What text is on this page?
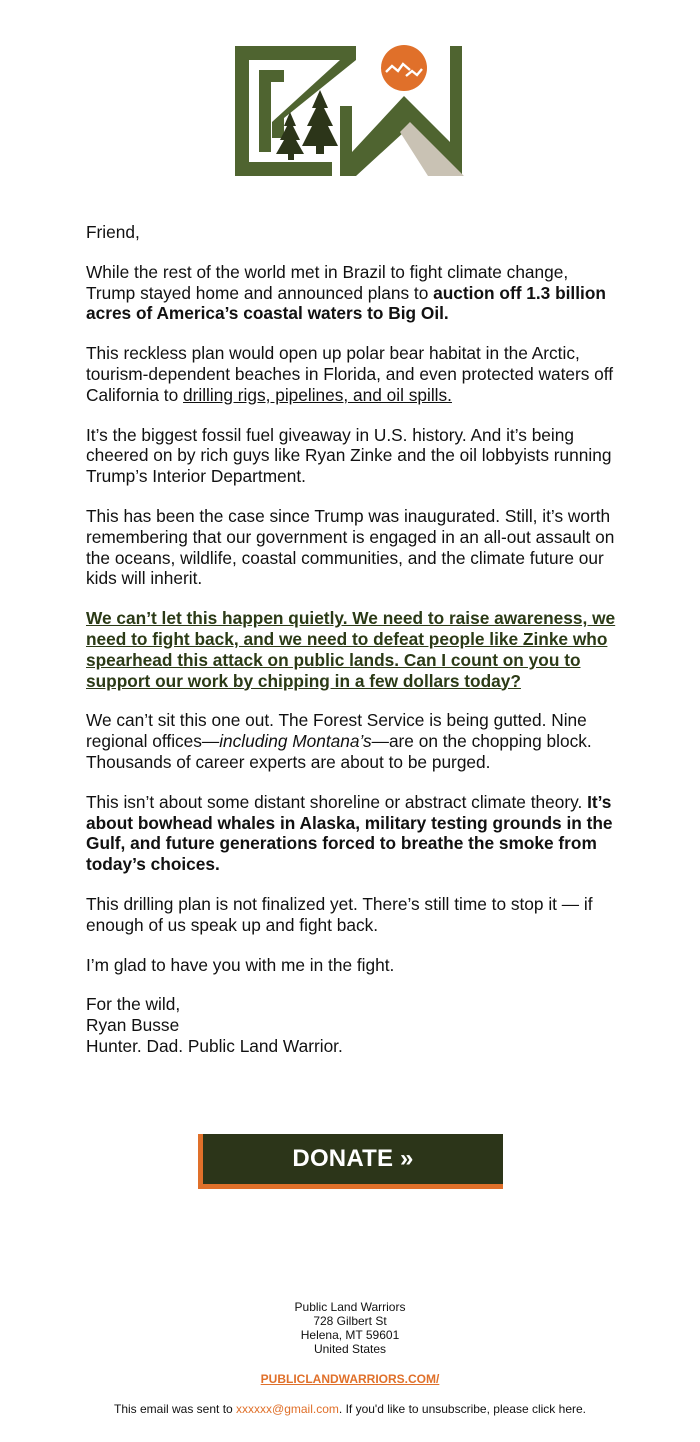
Friend,

While the rest of the world met in Brazil to fight climate change, Trump stayed home and announced plans to auction off 1.3 billion acres of America’s coastal waters to Big Oil.

This reckless plan would open up polar bear habitat in the Arctic, tourism-dependent beaches in Florida, and even protected waters off California to drilling rigs, pipelines, and oil spills.

It’s the biggest fossil fuel giveaway in U.S. history. And it’s being cheered on by rich guys like Ryan Zinke and the oil lobbyists running Trump’s Interior Department.

This has been the case since Trump was inaugurated. Still, it’s worth remembering that our government is engaged in an all-out assault on the oceans, wildlife, coastal communities, and the climate future our kids will inherit.

We can’t let this happen quietly. We need to raise awareness, we need to fight back, and we need to defeat people like Zinke who spearhead this attack on public lands. Can I count on you to support our work by chipping in a few dollars today?

We can’t sit this one out. The Forest Service is being gutted. Nine regional offices—including Montana’s—are on the chopping block. Thousands of career experts are about to be purged.

This isn’t about some distant shoreline or abstract climate theory. It’s about bowhead whales in Alaska, military testing grounds in the Gulf, and future generations forced to breathe the smoke from today’s choices.

This drilling plan is not finalized yet. There’s still time to stop it — if enough of us speak up and fight back.

I’m glad to have you with me in the fight.

For the wild,
Ryan Busse
Hunter. Dad. Public Land Warrior.

DONATE »
Public Land Warriors
728 Gilbert St
Helena, MT 59601
United States
PUBLICLANDWARRIORS.COM/
This email was sent to xxxxxx@gmail.com. If you'd like to unsubscribe, please click here.
